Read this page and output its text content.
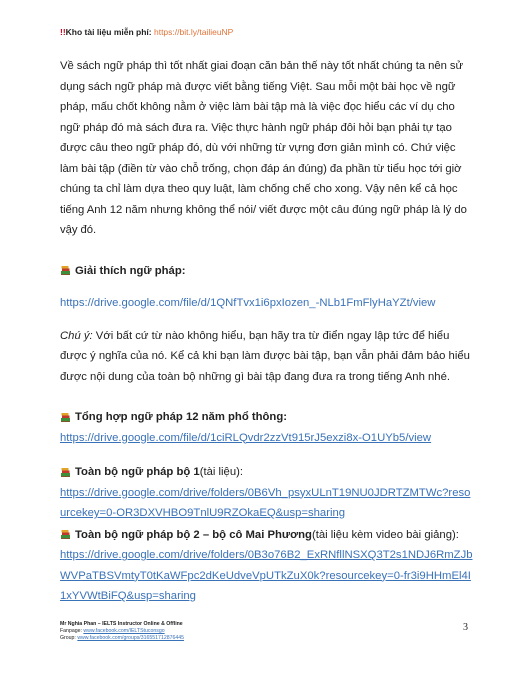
!!Kho tài liệu miễn phí: https://bit.ly/tailieuNP

Về sách ngữ pháp thì tốt nhất giai đoạn căn bản thế này tốt nhất chúng ta nên sử dụng sách ngữ pháp mà được viết bằng tiếng Việt. Sau mỗi một bài học về ngữ pháp, mấu chốt không nằm ở việc làm bài tập mà là việc đọc hiểu các ví dụ cho ngữ pháp đó mà sách đưa ra. Việc thực hành ngữ pháp đôi hỏi bạn phải tự tạo được câu theo ngữ pháp đó, dù với những từ vựng đơn giản mình có. Chứ việc làm bài tập (điền từ vào chỗ trống, chọn đáp án đúng) đa phần từ tiểu học tới giờ chúng ta chỉ làm dựa theo quy luật, làm chống chế cho xong. Vậy nên kể cả học tiếng Anh 12 năm nhưng không thể nói/ viết được một câu đúng ngữ pháp là lý do vậy đó.

Giải thích ngữ pháp:

https://drive.google.com/file/d/1QNfTvx1i6pxIozen_-NLb1FmFlyHaYZt/view

Chú ý: Với bất cứ từ nào không hiểu, bạn hãy tra từ điển ngay lập tức để hiểu được ý nghĩa của nó. Kể cả khi bạn làm được bài tập, bạn vẫn phải đảm bảo hiểu được nội dung của toàn bộ những gì bài tập đang đưa ra trong tiếng Anh nhé.

Tổng hợp ngữ pháp 12 năm phổ thông:

https://drive.google.com/file/d/1ciRLQvdr2zzVt915rJ5exzi8x-O1UYb5/view

Toàn bộ ngữ pháp bộ 1 (tài liệu):

https://drive.google.com/drive/folders/0B6Vh_psyxULnT19NU0JDRTZMTWc?resourcekey=0-OR3DXVHBO9TnlU9RZOkaEQ&usp=sharing

Toàn bộ ngữ pháp bộ 2 – bộ cô Mai Phương (tài liệu kèm video bài giảng):

https://drive.google.com/drive/folders/0B3o76B2_ExRNfllNSXQ3T2s1NDJ6RmZJbWVPaTBSVmtyT0tKaWFpc2dKeUdveVpUTkZuX0k?resourcekey=0-fr3i9HHmEl4I1xYVWtBiFQ&usp=sharing

Mr Nghia Phan – IELTS Instructor Online & Offline
Fanpage: www.facebook.com/IELTStuconsgo
Group: www.facebook.com/groups/316551712876445
3
